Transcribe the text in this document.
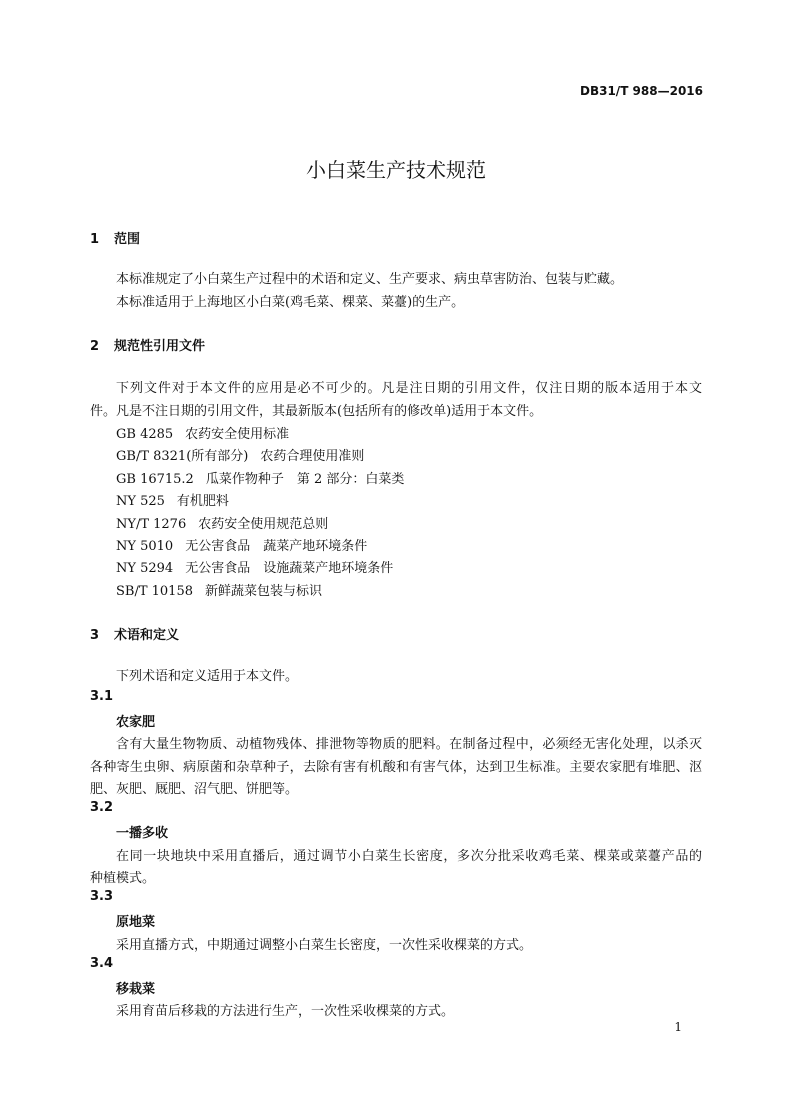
DB31/T 988—2016
小白菜生产技术规范
1 范围
本标准规定了小白菜生产过程中的术语和定义、生产要求、病虫草害防治、包装与贮藏。
本标准适用于上海地区小白菜(鸡毛菜、棵菜、菜薹)的生产。
2 规范性引用文件
下列文件对于本文件的应用是必不可少的。凡是注日期的引用文件，仅注日期的版本适用于本文
件。凡是不注日期的引用文件，其最新版本(包括所有的修改单)适用于本文件。
GB 4285 农药安全使用标准
GB/T 8321(所有部分) 农药合理使用准则
GB 16715.2 瓜菜作物种子　第 2 部分：白菜类
NY 525 有机肥料
NY/T 1276 农药安全使用规范总则
NY 5010 无公害食品　蔬菜产地环境条件
NY 5294 无公害食品　设施蔬菜产地环境条件
SB/T 10158 新鲜蔬菜包装与标识
3 术语和定义
下列术语和定义适用于本文件。
3.1
农家肥
含有大量生物物质、动植物残体、排泄物等物质的肥料。在制备过程中，必须经无害化处理，以杀灭
各种寄生虫卵、病原菌和杂草种子，去除有害有机酸和有害气体，达到卫生标准。主要农家肥有堆肥、沤
肥、灰肥、厩肥、沼气肥、饼肥等。
3.2
一播多收
在同一块地块中采用直播后，通过调节小白菜生长密度，多次分批采收鸡毛菜、棵菜或菜薹产品的
种植模式。
3.3
原地菜
采用直播方式，中期通过调整小白菜生长密度，一次性采收棵菜的方式。
3.4
移栽菜
采用育苗后移栽的方法进行生产，一次性采收棵菜的方式。
1
